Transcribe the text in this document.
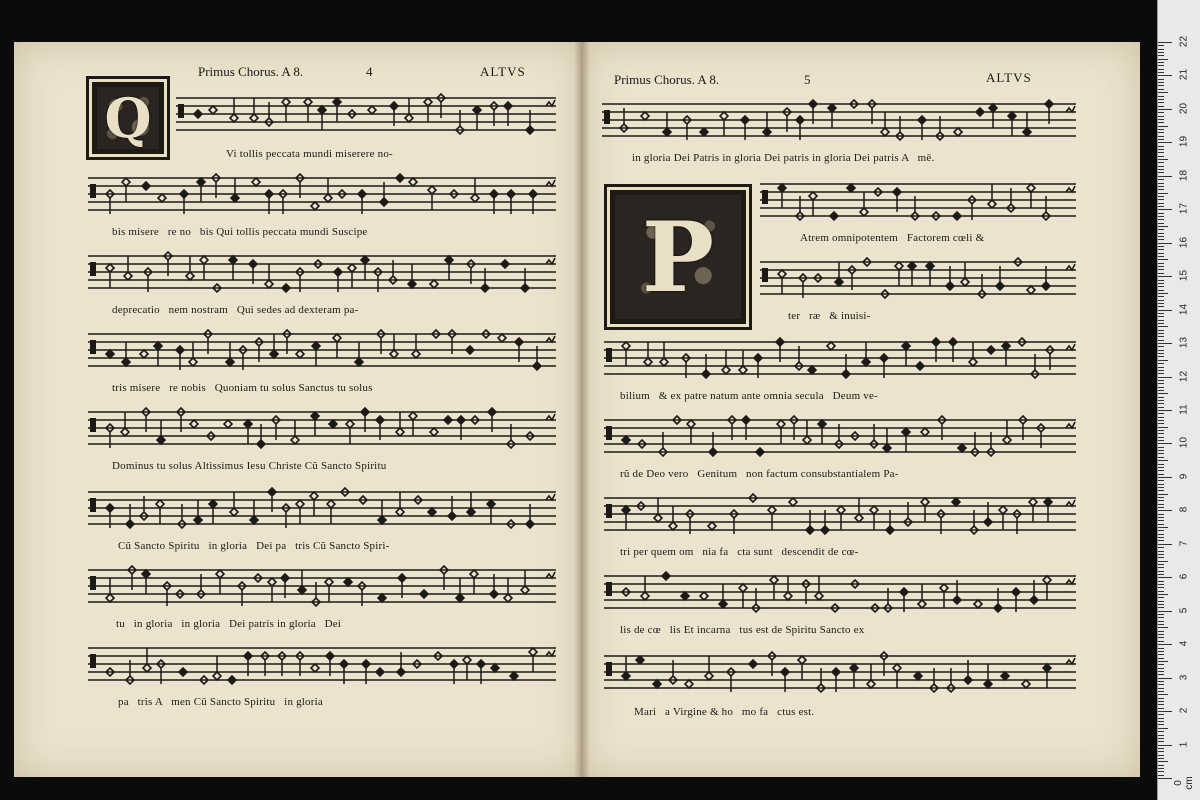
Primus Chorus. A 8.	4	ALTVS
Primus Chorus. A 8.	5	ALTVS
Q
P
Vi tollis peccata mundi miserere no-
bis misere   re no   bis Qui tollis peccata mundi Suscipe
deprecatio   nem nostram   Qui sedes ad dexteram pa-
tris misere   re nobis   Quoniam tu solus Sanctus tu solus
Dominus tu solus Altissimus Iesu Christe Cũ Sancto Spiritu
Cũ Sancto Spiritu   in gloria   Dei pa   tris Cũ Sancto Spiri-
tu   in gloria   in gloria   Dei patris in gloria   Dei
pa   tris A   men Cũ Sancto Spiritu   in gloria
in gloria Dei Patris in gloria Dei patris in gloria Dei patris A   mē.
Atrem omnipotentem   Factorem cœli &
ter   ræ   & inuisi-
bilium   & ex patre natum ante omnia secula   Deum ve-
rũ de Deo vero   Genitum   non factum consubstantialem Pa-
tri per quem om   nia fa   cta sunt   descendit de cœ-
lis de cœ   lis Et incarna   tus est de Spiritu Sancto ex
Mari   a Virgine & ho   mo fa   ctus est.
22
21
20
19
18
17
16
15
14
13
12
11
10
9
8
7
6
5
4
3
2
1
0 cm
